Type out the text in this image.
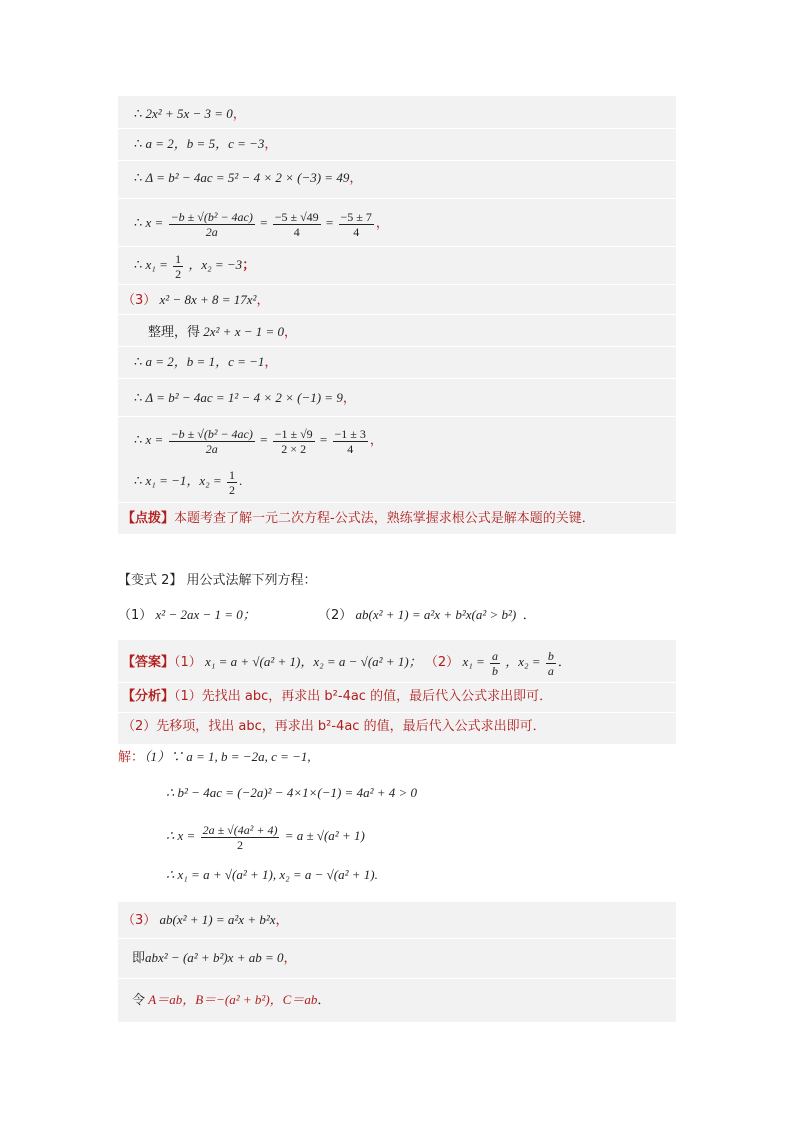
∴ 2x² + 5x − 3 = 0，
∴ a = 2，b = 5，c = −3，
∴ Δ = b² − 4ac = 5² − 4 × 2 × (−3) = 49，
∴ $x = \frac{\text{−b ± √(b² − 4ac)}}{2a} = \frac{-5 \pm √49}{4} = \frac{-5 \pm 7}{4}$ ，
∴ $x_1 = \frac{1}{2}$ ，x₂ = −3；
（3） x² − 8x + 8 = 17x²，
整理，得 2x² + x − 1 = 0，
∴ a = 2，b = 1，c = −1，
∴ Δ = b² − 4ac = 1² − 4 × 2 × (−1) = 9，
∴ $x = \frac{\text{−b ± √(b² − 4ac)}}{2a} = \frac{-1 \pm √9}{2 \times 2} = \frac{-1 \pm 3}{4}$ ，
∴ x₁ = −1，$x_2 = \frac{1}{2}$ .
【点拨】本题考查了解一元二次方程-公式法，熟练掌握求根公式是解本题的关键．
【变式 2】 用公式法解下列方程：
（1） x² − 2ax − 1 = 0；	（2） ab(x² + 1) = a²x + b²x(a² > b²) ．
【答案】（1） x₁ = a + √(a² + 1)，x₂ = a − √(a² + 1)； （2） $x_1 = \frac{a}{b}$ ，$x_2 = \frac{b}{a}$ ．
【分析】（1）先找出 abc，再求出 b²-4ac 的值，最后代入公式求出即可．
（2）先移项，找出 abc，再求出 b²-4ac 的值，最后代入公式求出即可．
解：（1）∵ a = 1, b = −2a, c = −1,
∴ b² − 4ac = (−2a)² − 4×1×(−1) = 4a² + 4 > 0
∴ $x = \frac{\text{2a ± √(4a² + 4)}}{2} = a \pm √(a^2 + 1)$
∴ x₁ = a + √(a² + 1), x₂ = a − √(a² + 1).
（3） ab(x² + 1) = a²x + b²x，
即abx² − (a² + b²)x + ab = 0，
令 A＝ab，B＝−(a² + b²)，C＝ab．
